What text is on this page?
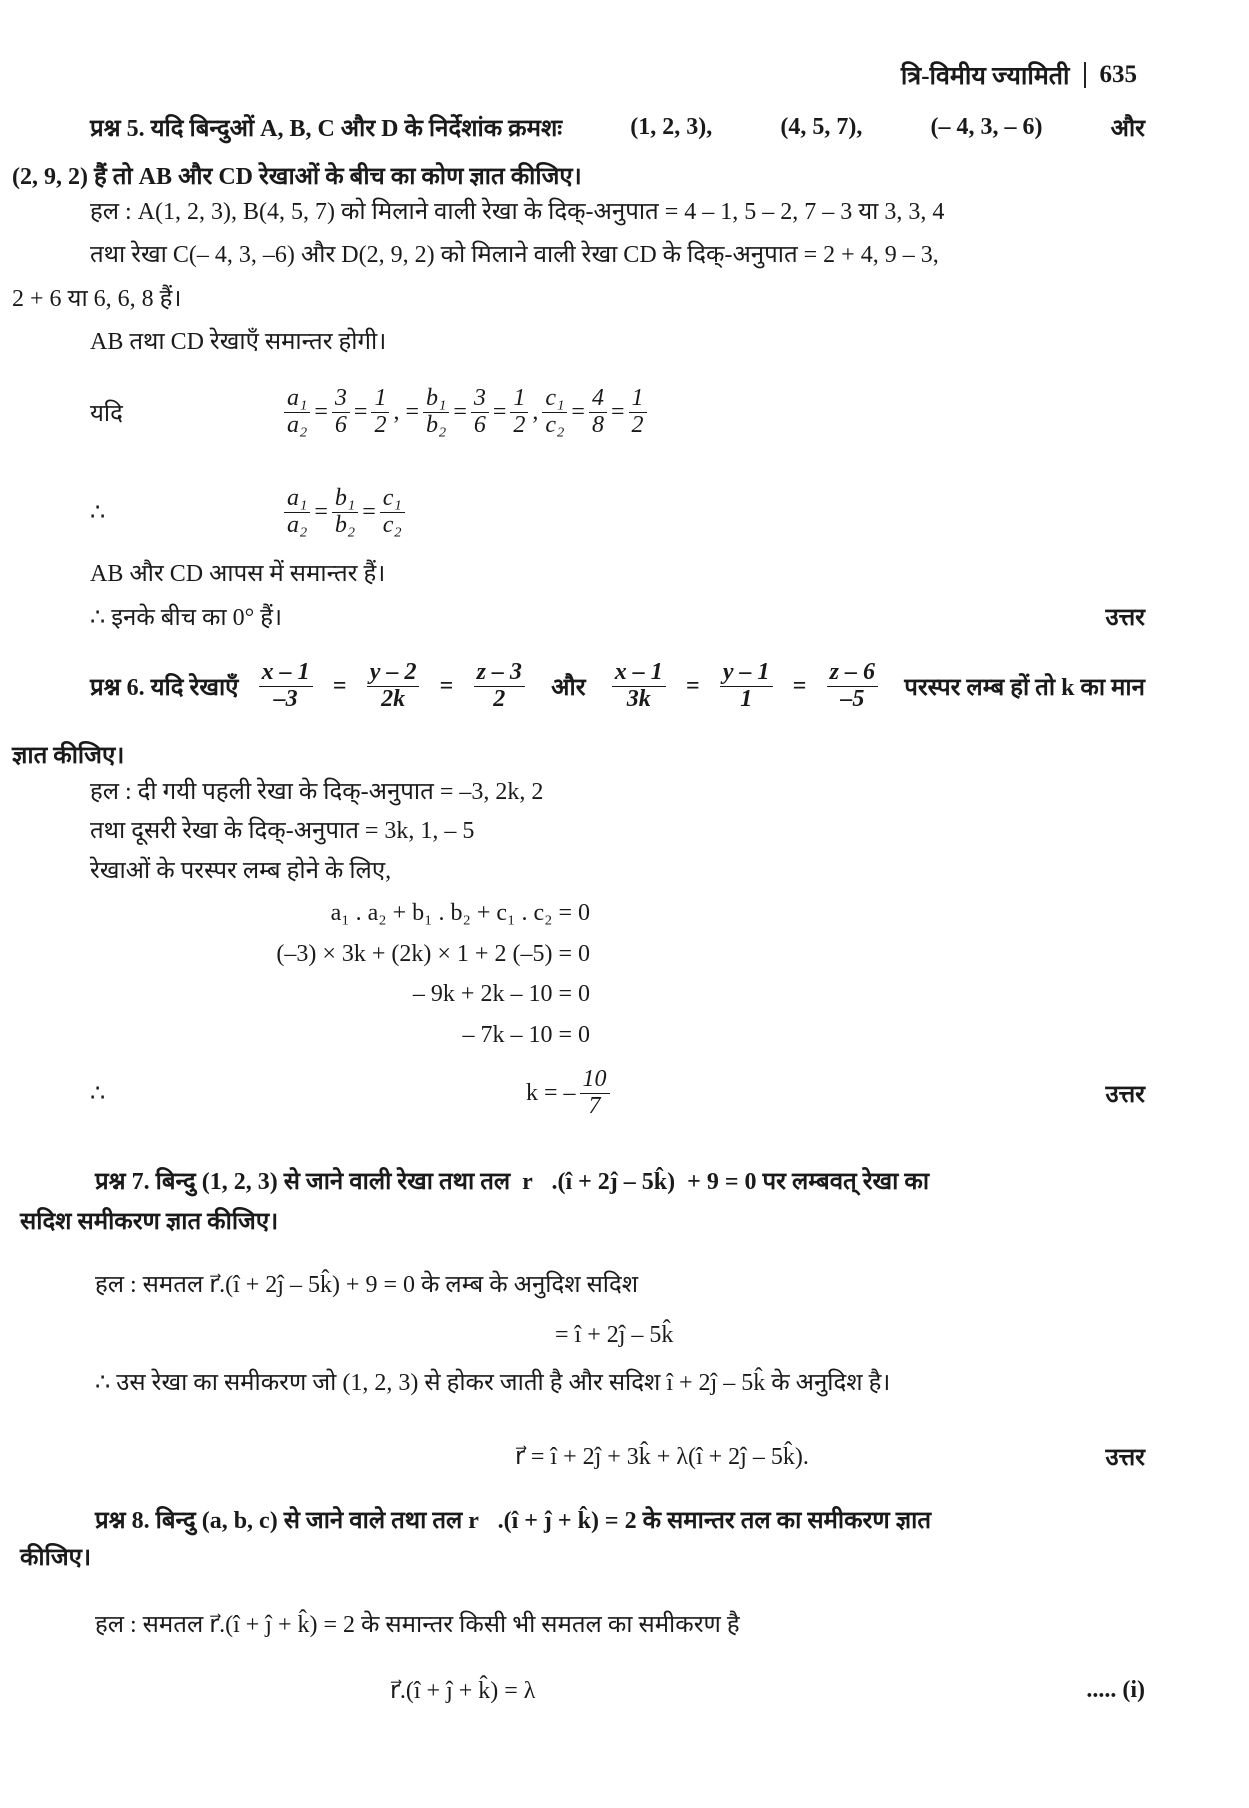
त्रि-विमीय ज्यामिती 635
प्रश्न 5. यदि बिन्दुओं A, B, C और D के निर्देशांक क्रमशः	(1, 2, 3),	(4, 5, 7),	(– 4, 3, – 6)	और
(2, 9, 2) हैं तो AB और CD रेखाओं के बीच का कोण ज्ञात कीजिए।
हल : A(1, 2, 3), B(4, 5, 7) को मिलाने वाली रेखा के दिक्-अनुपात = 4 – 1, 5 – 2, 7 – 3 या 3, 3, 4
तथा रेखा C(– 4, 3, –6) और D(2, 9, 2) को मिलाने वाली रेखा CD के दिक्-अनुपात = 2 + 4, 9 – 3,
2 + 6 या 6, 6, 8 हैं।
AB तथा CD रेखाएँ समान्तर होगी।
यदि	$\frac{\text{a₁}}{\text{a₂}} = \frac{3}{6} = \frac{1}{2}$ , = $\frac{\text{b₁}}{\text{b₂}} = \frac{3}{6} = \frac{1}{2}$ , $\frac{\text{c₁}}{\text{c₂}} = \frac{4}{8} = \frac{1}{2}$
∴	$\frac{\text{a₁}}{\text{a₂}} = \frac{\text{b₁}}{\text{b₂}} = \frac{\text{c₁}}{\text{c₂}}$
AB और CD आपस में समान्तर हैं।
∴ इनके बीच का 0° हैं।	उत्तर
प्रश्न 6. यदि रेखाएँ $\frac{x - 1}{-3} = \frac{y - 2}{2k} = \frac{z - 3}{2}$ और $\frac{x - 1}{3k} = \frac{y - 1}{1} = \frac{z - 6}{-5}$ परस्पर लम्ब हों तो k का मान
ज्ञात कीजिए।
हल : दी गयी पहली रेखा के दिक्-अनुपात = –3, 2k, 2
तथा दूसरी रेखा के दिक्-अनुपात = 3k, 1, – 5
रेखाओं के परस्पर लम्ब होने के लिए,
a₁ . a₂ + b₁ . b₂ + c₁ . c₂ = 0
(–3) × 3k + (2k) × 1 + 2 (–5) = 0
– 9k + 2k – 10 = 0
– 7k – 10 = 0
∴	k = – $\frac{10}{7}$	उत्तर
प्रश्न 7. बिन्दु (1, 2, 3) से जाने वाली रेखा तथा तल  r⃗.(î + 2ĵ – 5k̂)  + 9 = 0 पर लम्बवत् रेखा का
सदिश समीकरण ज्ञात कीजिए।
हल : समतल r⃗.(î + 2ĵ – 5k̂) + 9 = 0 के लम्ब के अनुदिश सदिश
= î + 2ĵ – 5k̂
∴ उस रेखा का समीकरण जो (1, 2, 3) से होकर जाती है और सदिश î + 2ĵ – 5k̂ के अनुदिश है।
r⃗ = î + 2ĵ + 3k̂ + λ(î + 2ĵ – 5k̂).	उत्तर
प्रश्न 8. बिन्दु (a, b, c) से जाने वाले तथा तल r⃗.(î + ĵ + k̂) = 2 के समान्तर तल का समीकरण ज्ञात
कीजिए।
हल : समतल r⃗.(î + ĵ + k̂) = 2 के समान्तर किसी भी समतल का समीकरण है
r⃗.(î + ĵ + k̂) = λ	..... (i)
